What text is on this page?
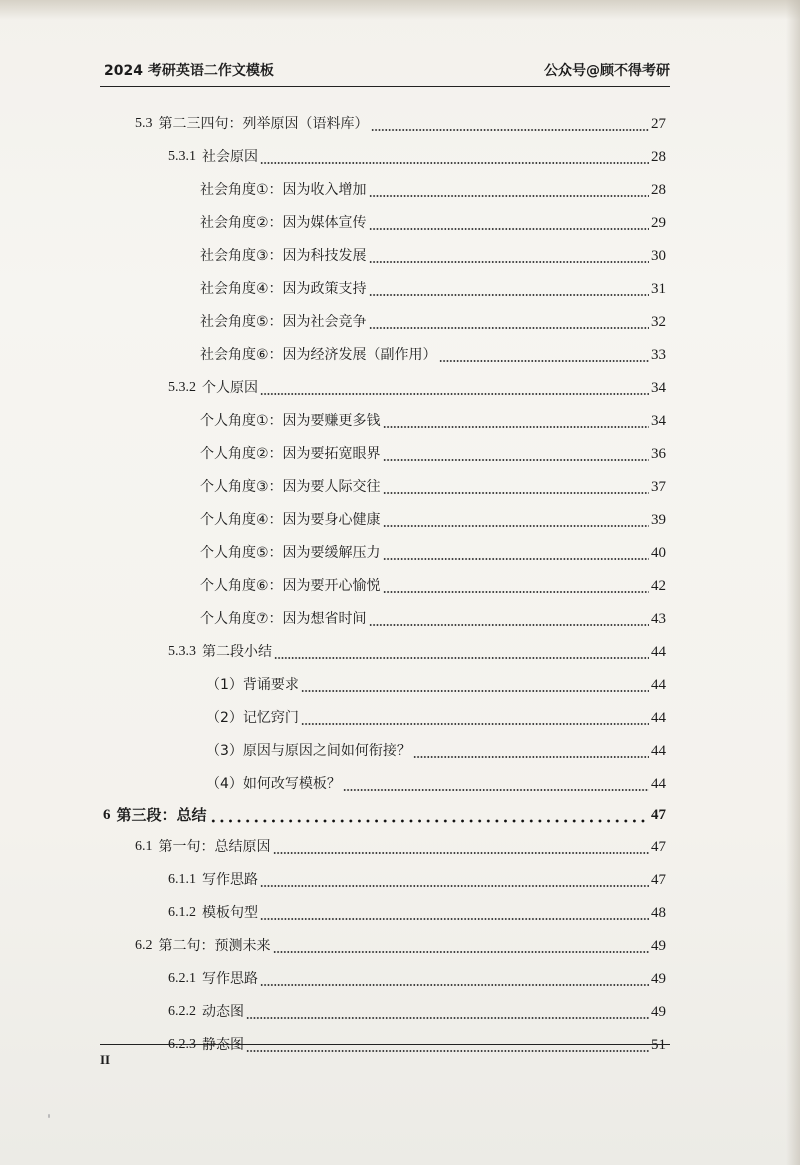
2024 考研英语二作文模板	公众号@顾不得考研
5.3 第二三四句：列举原因（语料库）	27
5.3.1 社会原因	28
社会角度①：因为收入增加	28
社会角度②：因为媒体宣传	29
社会角度③：因为科技发展	30
社会角度④：因为政策支持	31
社会角度⑤：因为社会竞争	32
社会角度⑥：因为经济发展（副作用）	33
5.3.2 个人原因	34
个人角度①：因为要赚更多钱	34
个人角度②：因为要拓宽眼界	36
个人角度③：因为要人际交往	37
个人角度④：因为要身心健康	39
个人角度⑤：因为要缓解压力	40
个人角度⑥：因为要开心愉悦	42
个人角度⑦：因为想省时间	43
5.3.3 第二段小结	44
（1）背诵要求	44
（2）记忆窍门	44
（3）原因与原因之间如何衔接？	44
（4）如何改写模板？	44
6 第三段：总结	47
6.1 第一句：总结原因	47
6.1.1 写作思路	47
6.1.2 模板句型	48
6.2 第二句：预测未来	49
6.2.1 写作思路	49
6.2.2 动态图	49
6.2.3 静态图	51
II
